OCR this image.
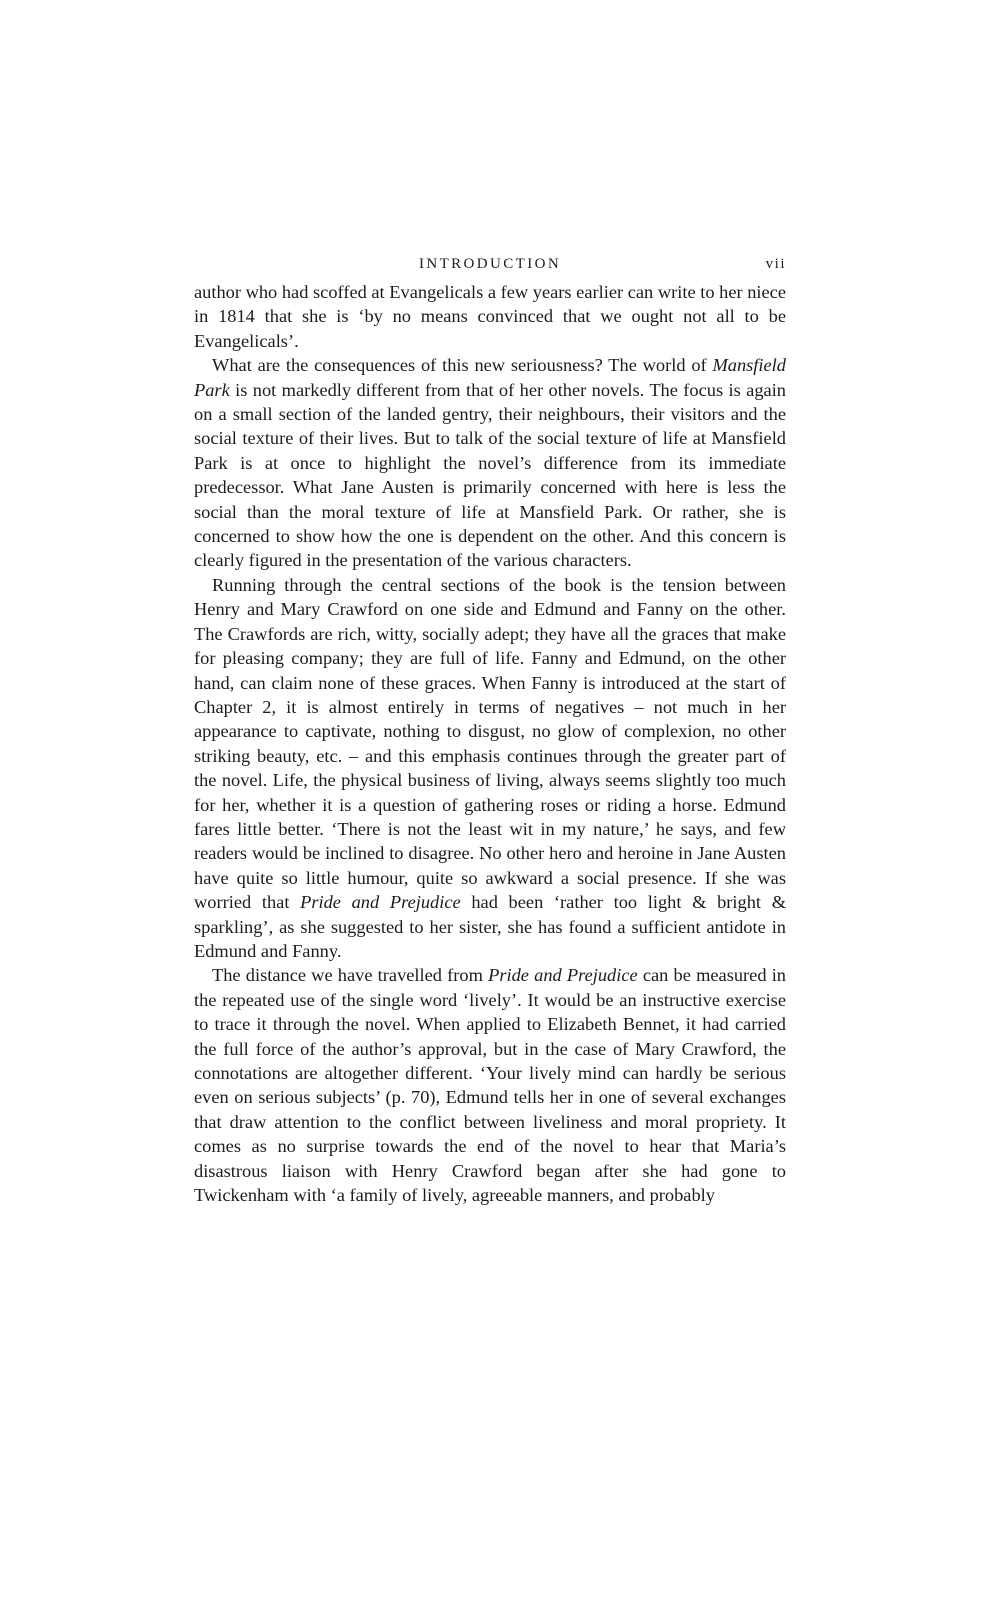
INTRODUCTION	vii

author who had scoffed at Evangelicals a few years earlier can write to her niece in 1814 that she is ‘by no means convinced that we ought not all to be Evangelicals’.

What are the consequences of this new seriousness? The world of Mansfield Park is not markedly different from that of her other novels. The focus is again on a small section of the landed gentry, their neighbours, their visitors and the social texture of their lives. But to talk of the social texture of life at Mansfield Park is at once to highlight the novel’s difference from its immediate predecessor. What Jane Austen is primarily concerned with here is less the social than the moral texture of life at Mansfield Park. Or rather, she is concerned to show how the one is dependent on the other. And this concern is clearly figured in the presentation of the various characters.

Running through the central sections of the book is the tension between Henry and Mary Crawford on one side and Edmund and Fanny on the other. The Crawfords are rich, witty, socially adept; they have all the graces that make for pleasing company; they are full of life. Fanny and Edmund, on the other hand, can claim none of these graces. When Fanny is introduced at the start of Chapter 2, it is almost entirely in terms of negatives – not much in her appearance to captivate, nothing to disgust, no glow of complexion, no other striking beauty, etc. – and this emphasis continues through the greater part of the novel. Life, the physical business of living, always seems slightly too much for her, whether it is a question of gathering roses or riding a horse. Edmund fares little better. ‘There is not the least wit in my nature,’ he says, and few readers would be inclined to disagree. No other hero and heroine in Jane Austen have quite so little humour, quite so awkward a social presence. If she was worried that Pride and Prejudice had been ‘rather too light & bright & sparkling’, as she suggested to her sister, she has found a sufficient antidote in Edmund and Fanny.

The distance we have travelled from Pride and Prejudice can be measured in the repeated use of the single word ‘lively’. It would be an instructive exercise to trace it through the novel. When applied to Elizabeth Bennet, it had carried the full force of the author’s approval, but in the case of Mary Crawford, the connotations are altogether different. ‘Your lively mind can hardly be serious even on serious subjects’ (p. 70), Edmund tells her in one of several exchanges that draw attention to the conflict between liveliness and moral propriety. It comes as no surprise towards the end of the novel to hear that Maria’s disastrous liaison with Henry Crawford began after she had gone to Twickenham with ‘a family of lively, agreeable manners, and probably
